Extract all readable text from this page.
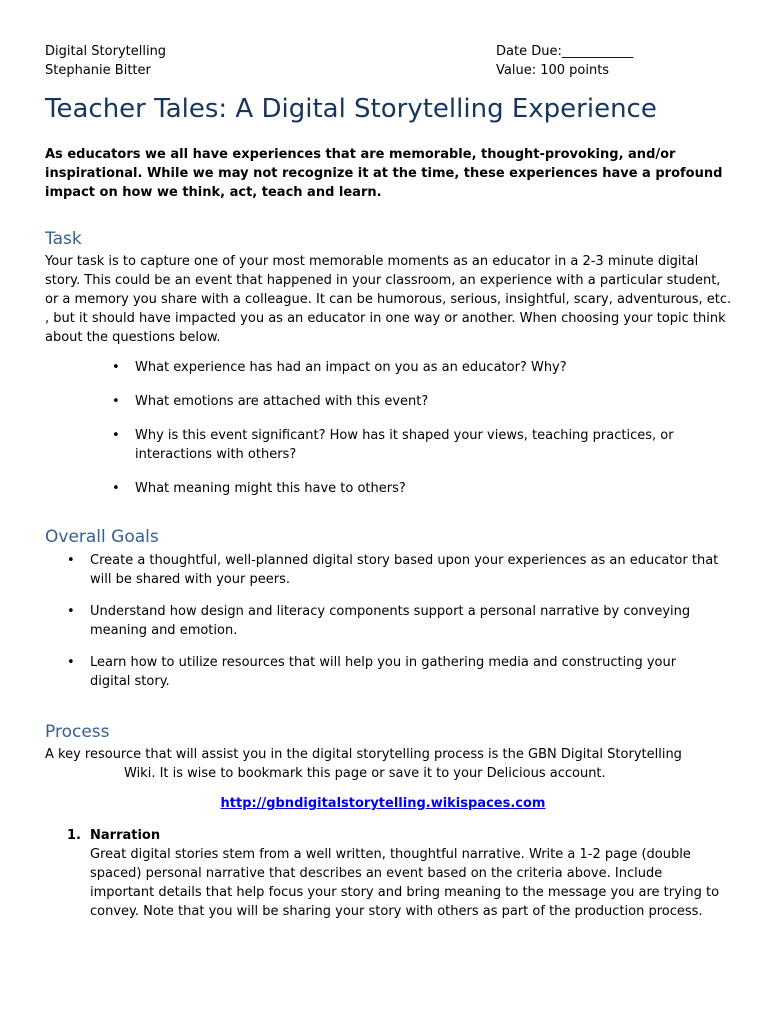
Digital Storytelling
Stephanie Bitter
Date Due:___________
Value: 100 points
Teacher Tales: A Digital Storytelling Experience
As educators we all have experiences that are memorable, thought-provoking, and/or inspirational. While we may not recognize it at the time, these experiences have a profound impact on how we think, act, teach and learn.
Task
Your task is to capture one of your most memorable moments as an educator in a 2-3 minute digital story. This could be an event that happened in your classroom, an experience with a particular student, or a memory you share with a colleague. It can be humorous, serious, insightful, scary, adventurous, etc. , but it should have impacted you as an educator in one way or another. When choosing your topic think about the questions below.
• What experience has had an impact on you as an educator? Why?
• What emotions are attached with this event?
• Why is this event significant? How has it shaped your views, teaching practices, or interactions with others?
• What meaning might this have to others?
Overall Goals
• Create a thoughtful, well-planned digital story based upon your experiences as an educator that will be shared with your peers.
• Understand how design and literacy components support a personal narrative by conveying meaning and emotion.
• Learn how to utilize resources that will help you in gathering media and constructing your digital story.
Process
A key resource that will assist you in the digital storytelling process is the GBN Digital Storytelling
Wiki. It is wise to bookmark this page or save it to your Delicious account.
http://gbndigitalstorytelling.wikispaces.com
1. Narration
Great digital stories stem from a well written, thoughtful narrative. Write a 1-2 page (double spaced) personal narrative that describes an event based on the criteria above. Include important details that help focus your story and bring meaning to the message you are trying to convey. Note that you will be sharing your story with others as part of the production process.
